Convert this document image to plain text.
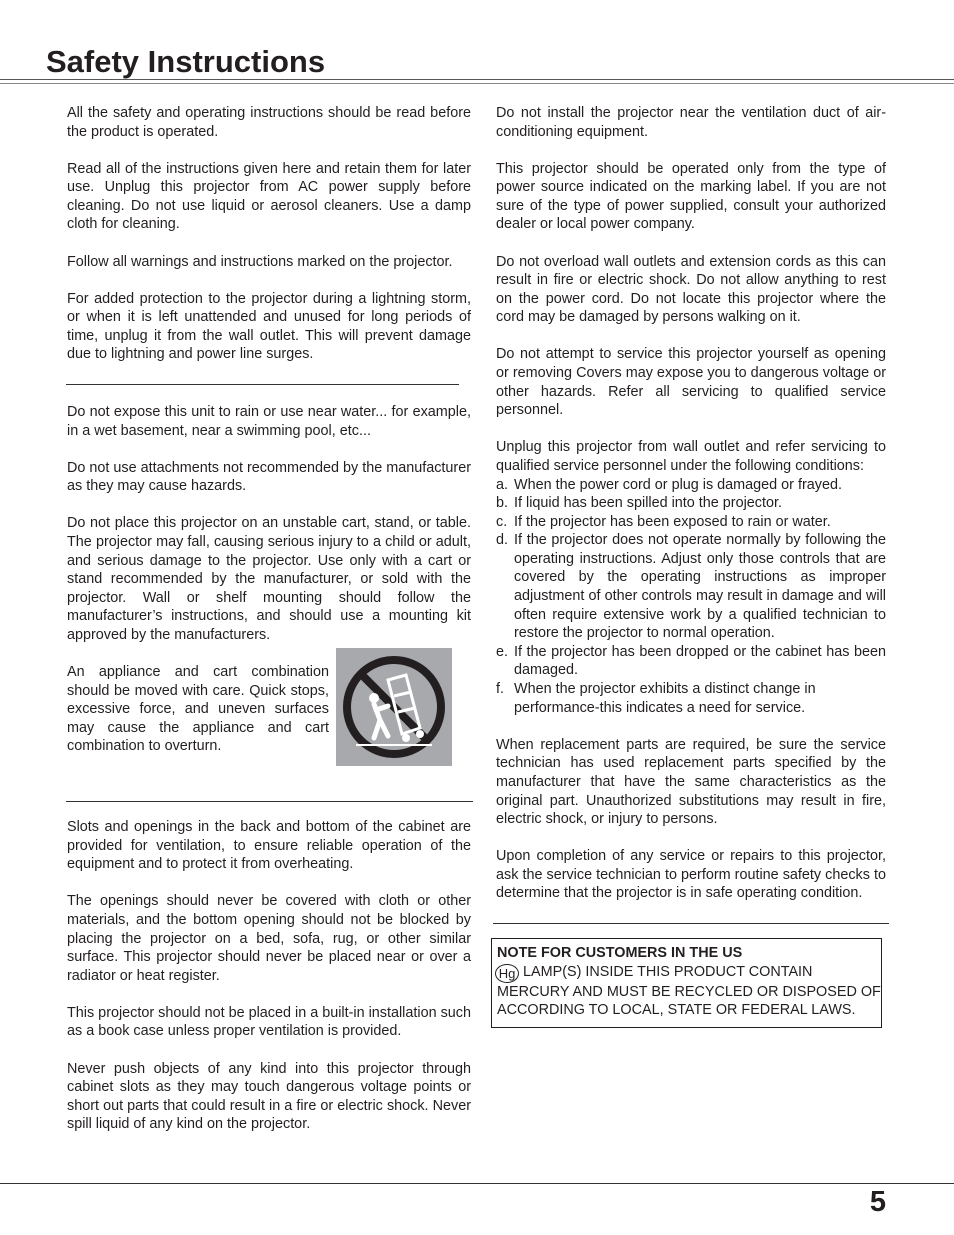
Safety Instructions

All the safety and operating instructions should be read before the product is operated.

Read all of the instructions given here and retain them for later use. Unplug this projector from AC power supply before cleaning. Do not use liquid or aerosol cleaners. Use a damp cloth for cleaning.

Follow all warnings and instructions marked on the projector.

For added protection to the projector during a lightning storm, or when it is left unattended and unused for long periods of time, unplug it from the wall outlet. This will prevent damage due to lightning and power line surges.

Do not expose this unit to rain or use near water... for example, in a wet basement, near a swimming pool, etc...

Do not use attachments not recommended by the manufacturer as they may cause hazards.

Do not place this projector on an unstable cart, stand, or table. The projector may fall, causing serious injury to a child or adult, and serious damage to the projector. Use only with a cart or stand recommended by the manufacturer, or sold with the projector. Wall or shelf mounting should follow the manufacturer’s instructions, and should use a mounting kit approved by the manufacturers.

An appliance and cart combination should be moved with care. Quick stops, excessive force, and uneven surfaces may cause the appliance and cart combination to overturn.

Slots and openings in the back and bottom of the cabinet are provided for ventilation, to ensure reliable operation of the equipment and to protect it from overheating.

The openings should never be covered with cloth or other materials, and the bottom opening should not be blocked by placing the projector on a bed, sofa, rug, or other similar surface. This projector should never be placed near or over a radiator or heat register.

This projector should not be placed in a built-in installation such as a book case unless proper ventilation is provided.

Never push objects of any kind into this projector through cabinet slots as they may touch dangerous voltage points or short out parts that could result in a fire or electric shock. Never spill liquid of any kind on the projector.

Do not install the projector near the ventilation duct of air-conditioning equipment.

This projector should be operated only from the type of power source indicated on the marking label. If you are not sure of the type of power supplied, consult your authorized dealer or local power company.

Do not overload wall outlets and extension cords as this can result in fire or electric shock. Do not allow anything to rest on the power cord. Do not locate this projector where the cord may be damaged by persons walking on it.

Do not attempt to service this projector yourself as opening or removing Covers may expose you to dangerous voltage or other hazards. Refer all servicing to qualified service personnel.

Unplug this projector from wall outlet and refer servicing to qualified service personnel under the following conditions:

a. When the power cord or plug is damaged or frayed.
b. If liquid has been spilled into the projector.
c. If the projector has been exposed to rain or water.
d. If the projector does not operate normally by following the operating instructions. Adjust only those controls that are covered by the operating instructions as improper adjustment of other controls may result in damage and will often require extensive work by a qualified technician to restore the projector to normal operation.
e. If the projector has been dropped or the cabinet has been damaged.
f. When the projector exhibits a distinct change in performance-this indicates a need for service.

When replacement parts are required, be sure the service technician has used replacement parts specified by the manufacturer that have the same characteristics as the original part. Unauthorized substitutions may result in fire, electric shock, or injury to persons.

Upon completion of any service or repairs to this projector, ask the service technician to perform routine safety checks to determine that the projector is in safe operating condition.

NOTE FOR CUSTOMERS IN THE US
Hg LAMP(S) INSIDE THIS PRODUCT CONTAIN MERCURY AND MUST BE RECYCLED OR DISPOSED OF ACCORDING TO LOCAL, STATE OR FEDERAL LAWS.
5
